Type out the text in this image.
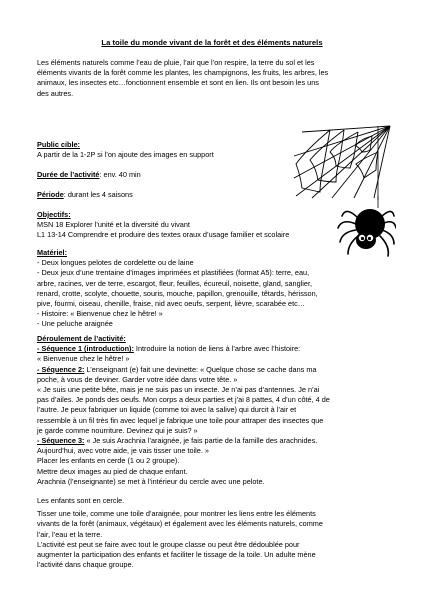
La toile du monde vivant de la forêt et des éléments naturels

Les éléments naturels comme l’eau de pluie, l’air que l’on respire, la terre du sol et les

éléments vivants de la forêt comme les plantes, les champignons, les fruits, les arbres, les

animaux, les insectes etc…fonctionnent ensemble et sont en lien. Ils ont besoin les uns

des autres.

Public cible:

A partir de la 1-2P si l’on ajoute des images en support

Durée de l’activité: env. 40 min

Période: durant les 4 saisons

Objectifs:

MSN 18 Explorer l’unité et la diversité du vivant

L1 13-14 Comprendre et produire des textes oraux d’usage familier et scolaire

Matériel:

- Deux longues pelotes de cordelette ou de laine

- Deux jeux d’une trentaine d’images imprimées et plastifiées (format A5): terre, eau,

arbre, racines, ver de terre, escargot, fleur, feuilles, écureuil, noisette, gland, sanglier,

renard, crotte, scolyte, chouette, souris, mouche, papillon, grenouille, têtards, hérisson,

pive, fourmi, oiseau, chenille, fraise, nid avec oeufs, serpent, lièvre, scarabée etc…

- Histoire: « Bienvenue chez le hêtre! »

- Une peluche araignée

Déroulement de l’activité:

- Séquence 1 (introduction): Introduire la notion de liens à l’arbre avec l’histoire:

« Bienvenue chez le hêtre! »

- Séquence 2: L’enseignant (e) fait une devinette: « Quelque chose se cache dans ma

poche, à vous de deviner. Garder votre idée dans votre tête. »

« Je suis une petite bête, mais je ne suis pas un insecte. Je n’ai pas d’antennes. Je n’ai

pas d’ailes. Je ponds des oeufs. Mon corps a deux parties et j’ai 8 pattes, 4 d’un côté, 4 de

l’autre. Je peux fabriquer un liquide (comme toi avec la salive) qui durcit à l’air et

ressemble à un fil très fin avec lequel je fabrique une toile pour attraper des insectes que

je garde comme nourriture. Devinez qui je suis? »

- Séquence 3: « Je suis Arachnia l’araignée, je fais partie de la famille des arachnides.

Aujourd’hui, avec votre aide, je vais tisser une toile. »

Placer les enfants en cerde (1 ou 2 groupe).

Mettre deux images au pied de chaque enfant.

Arachnia (l’enseignante) se met à l’intérieur du cercle avec une pelote.

Les enfants sont en cercle.

Tisser une toile, comme une toile d’araignée, pour montrer les liens entre les éléments

vivants de la forêt (animaux, végétaux) et également avec les éléments naturels, comme

l’air, l’eau et la terre.

L’activité est peut se faire avec tout le groupe classe ou peut être dédoublée pour

augmenter la participation des enfants et faciliter le tissage de la toile. Un adulte mène

l’activité dans chaque groupe.
